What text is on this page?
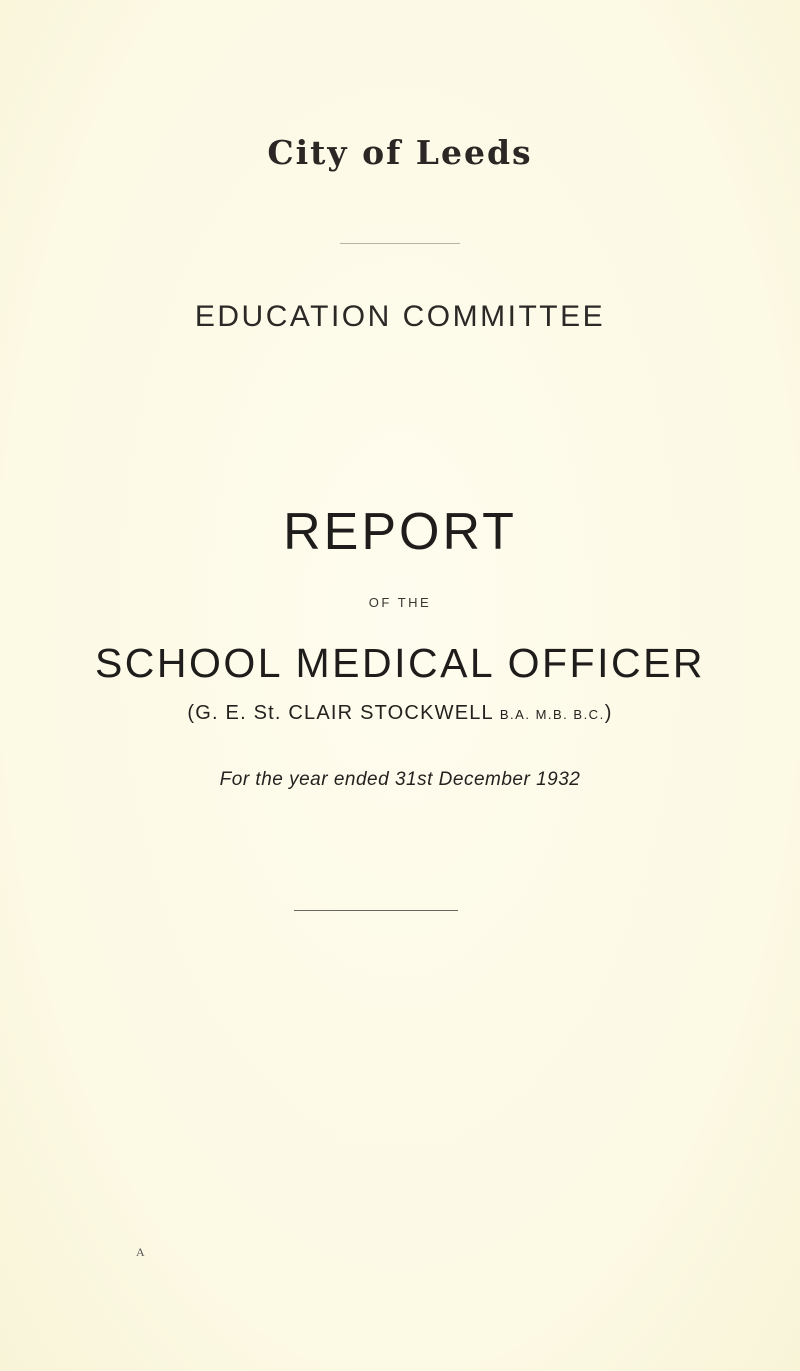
City of Leeds
EDUCATION COMMITTEE
REPORT
OF THE
SCHOOL MEDICAL OFFICER
(G. E. St. CLAIR STOCKWELL B.A. M.B. B.C.)
For the year ended 31st December 1932
A
